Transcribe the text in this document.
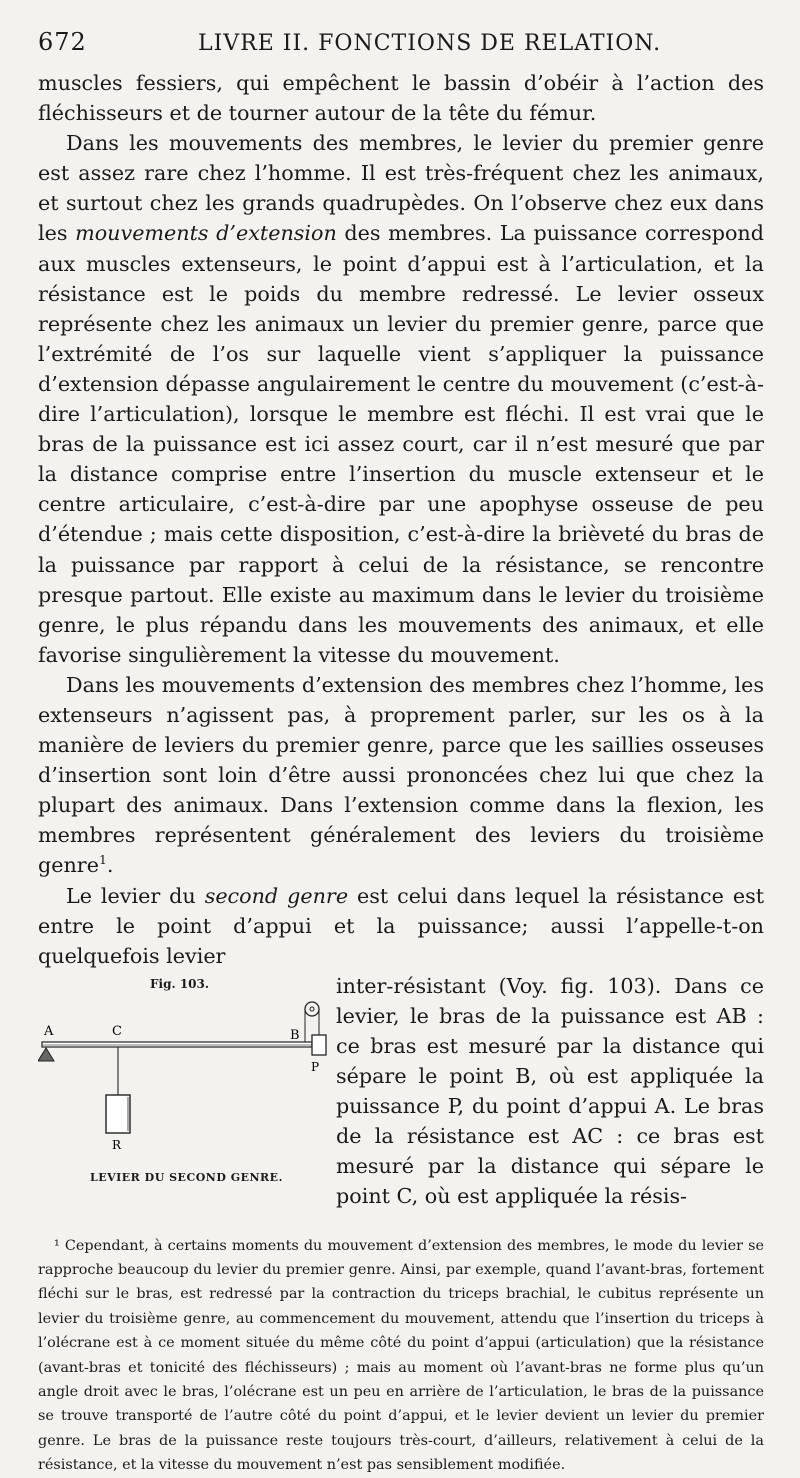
672	LIVRE II. FONCTIONS DE RELATION.

muscles fessiers, qui empêchent le bassin d’obéir à l’action des fléchisseurs et de tourner autour de la tête du fémur.

Dans les mouvements des membres, le levier du premier genre est assez rare chez l’homme. Il est très-fréquent chez les animaux, et surtout chez les grands quadrupèdes. On l’observe chez eux dans les mouvements d’extension des membres. La puissance correspond aux muscles extenseurs, le point d’appui est à l’articulation, et la résistance est le poids du membre redressé. Le levier osseux représente chez les animaux un levier du premier genre, parce que l’extrémité de l’os sur laquelle vient s’appliquer la puissance d’extension dépasse angulairement le centre du mouvement (c’est-à-dire l’articulation), lorsque le membre est fléchi. Il est vrai que le bras de la puissance est ici assez court, car il n’est mesuré que par la distance comprise entre l’insertion du muscle extenseur et le centre articulaire, c’est-à-dire par une apophyse osseuse de peu d’étendue ; mais cette disposition, c’est-à-dire la brièveté du bras de la puissance par rapport à celui de la résistance, se rencontre presque partout. Elle existe au maximum dans le levier du troisième genre, le plus répandu dans les mouvements des animaux, et elle favorise singulièrement la vitesse du mouvement.

Dans les mouvements d’extension des membres chez l’homme, les extenseurs n’agissent pas, à proprement parler, sur les os à la manière de leviers du premier genre, parce que les saillies osseuses d’insertion sont loin d’être aussi prononcées chez lui que chez la plupart des animaux. Dans l’extension comme dans la flexion, les membres représentent généralement des leviers du troisième genre$^1$.

Le levier du second genre est celui dans lequel la résistance est entre le point d’appui et la puissance; aussi l’appelle-t-on quelquefois levier

Fig. 103.
A	C	B
P
R
LEVIER DU SECOND GENRE.
inter-résistant (Voy. fig. 103). Dans ce levier, le bras de la puissance est AB : ce bras est mesuré par la distance qui sépare le point B, où est appliquée la puissance P, du point d’appui A. Le bras de la résistance est AC : ce bras est mesuré par la distance qui sépare le point C, où est appliquée la résis-

¹ Cependant, à certains moments du mouvement d’extension des membres, le mode du levier se rapproche beaucoup du levier du premier genre. Ainsi, par exemple, quand l’avant-bras, fortement fléchi sur le bras, est redressé par la contraction du triceps brachial, le cubitus représente un levier du troisième genre, au commencement du mouvement, attendu que l’insertion du triceps à l’olécrane est à ce moment située du même côté du point d’appui (articulation) que la résistance (avant-bras et tonicité des fléchisseurs) ; mais au moment où l’avant-bras ne forme plus qu’un angle droit avec le bras, l’olécrane est un peu en arrière de l’articulation, le bras de la puissance se trouve transporté de l’autre côté du point d’appui, et le levier devient un levier du premier genre. Le bras de la puissance reste toujours très-court, d’ailleurs, relativement à celui de la résistance, et la vitesse du mouvement n’est pas sensiblement modifiée.
